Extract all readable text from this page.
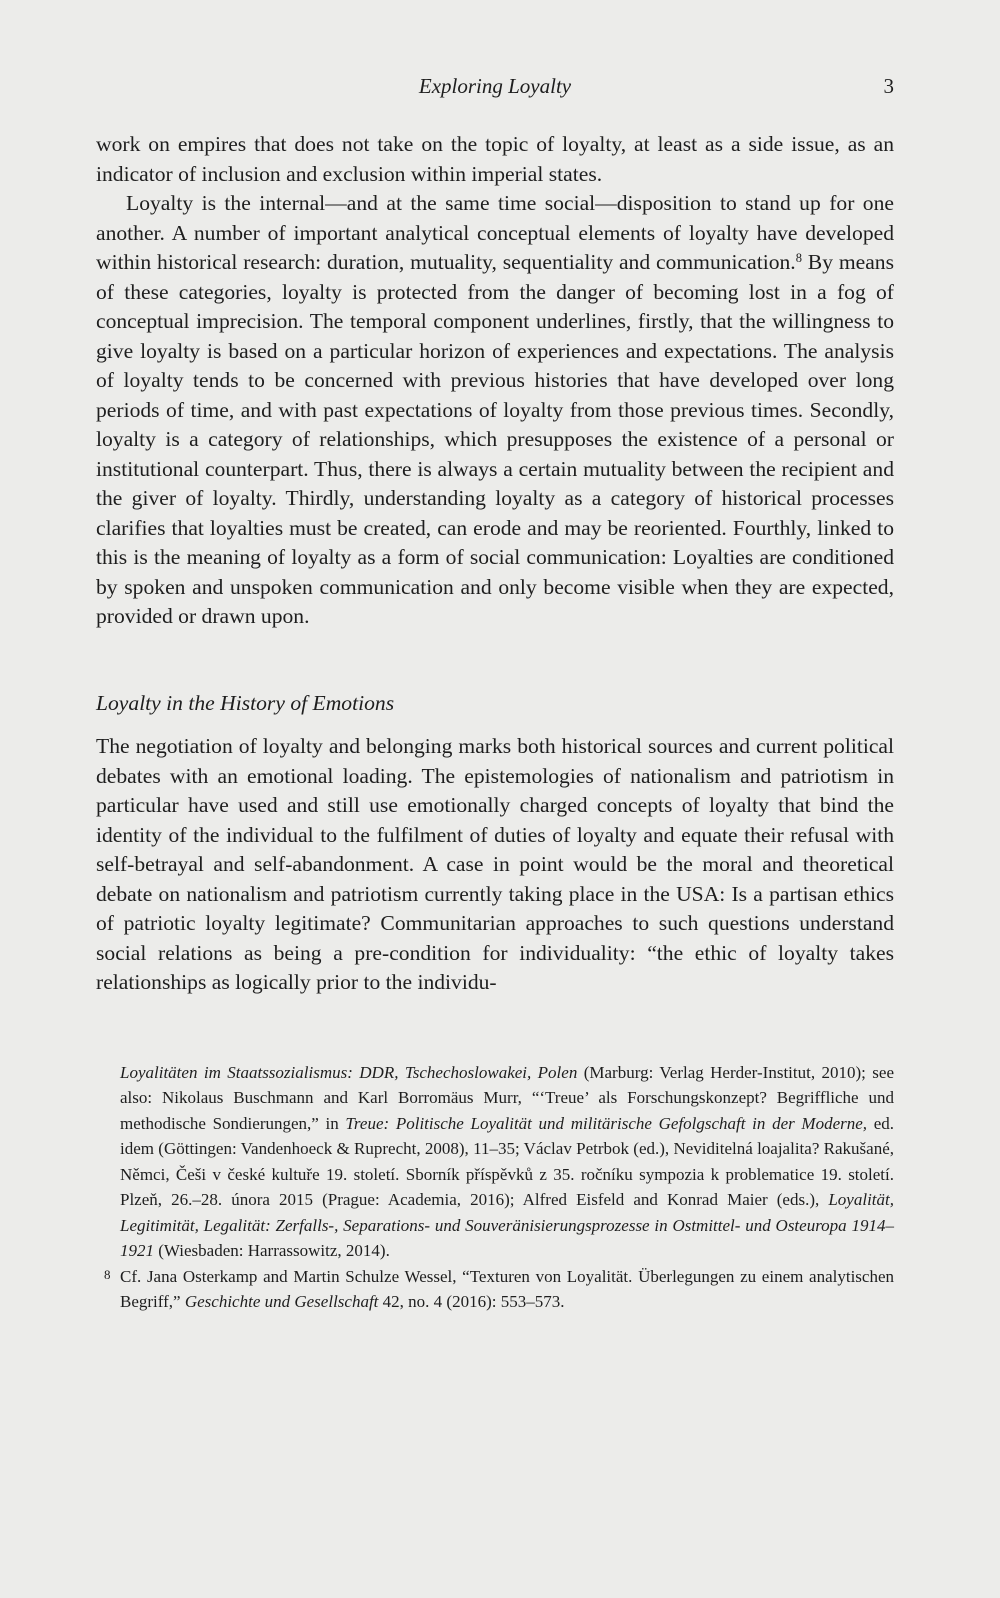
Exploring Loyalty	3

work on empires that does not take on the topic of loyalty, at least as a side issue, as an indicator of inclusion and exclusion within imperial states.

Loyalty is the internal—and at the same time social—disposition to stand up for one another. A number of important analytical conceptual elements of loyalty have developed within historical research: duration, mutuality, sequentiality and communication.$^8$ By means of these categories, loyalty is protected from the danger of becoming lost in a fog of conceptual imprecision. The temporal component underlines, firstly, that the willingness to give loyalty is based on a particular horizon of experiences and expectations. The analysis of loyalty tends to be concerned with previous histories that have developed over long periods of time, and with past expectations of loyalty from those previous times. Secondly, loyalty is a category of relationships, which presupposes the existence of a personal or institutional counterpart. Thus, there is always a certain mutuality between the recipient and the giver of loyalty. Thirdly, understanding loyalty as a category of historical processes clarifies that loyalties must be created, can erode and may be reoriented. Fourthly, linked to this is the meaning of loyalty as a form of social communication: Loyalties are conditioned by spoken and unspoken communication and only become visible when they are expected, provided or drawn upon.

Loyalty in the History of Emotions

The negotiation of loyalty and belonging marks both historical sources and current political debates with an emotional loading. The epistemologies of nationalism and patriotism in particular have used and still use emotionally charged concepts of loyalty that bind the identity of the individual to the fulfilment of duties of loyalty and equate their refusal with self-betrayal and self-abandonment. A case in point would be the moral and theoretical debate on nationalism and patriotism currently taking place in the USA: Is a partisan ethics of patriotic loyalty legitimate? Communitarian approaches to such questions understand social relations as being a pre-condition for individuality: “the ethic of loyalty takes relationships as logically prior to the individu-

Loyalitäten im Staatssozialismus: DDR, Tschechoslowakei, Polen (Marburg: Verlag Herder-Institut, 2010); see also: Nikolaus Buschmann and Karl Borromäus Murr, “‘Treue’ als Forschungskonzept? Begriffliche und methodische Sondierungen,” in Treue: Politische Loyalität und militärische Gefolgschaft in der Moderne, ed. idem (Göttingen: Vandenhoeck & Ruprecht, 2008), 11–35; Václav Petrbok (ed.), Neviditelná loajalita? Rakušané, Němci, Češi v české kultuře 19. století. Sborník příspěvků z 35. ročníku sympozia k problematice 19. století. Plzeň, 26.–28. února 2015 (Prague: Academia, 2016); Alfred Eisfeld and Konrad Maier (eds.), Loyalität, Legitimität, Legalität: Zerfalls-, Separations- und Souveränisierungsprozesse in Ostmittel- und Osteuropa 1914–1921 (Wiesbaden: Harrassowitz, 2014).
8 Cf. Jana Osterkamp and Martin Schulze Wessel, “Texturen von Loyalität. Überlegungen zu einem analytischen Begriff,” Geschichte und Gesellschaft 42, no. 4 (2016): 553–573.
